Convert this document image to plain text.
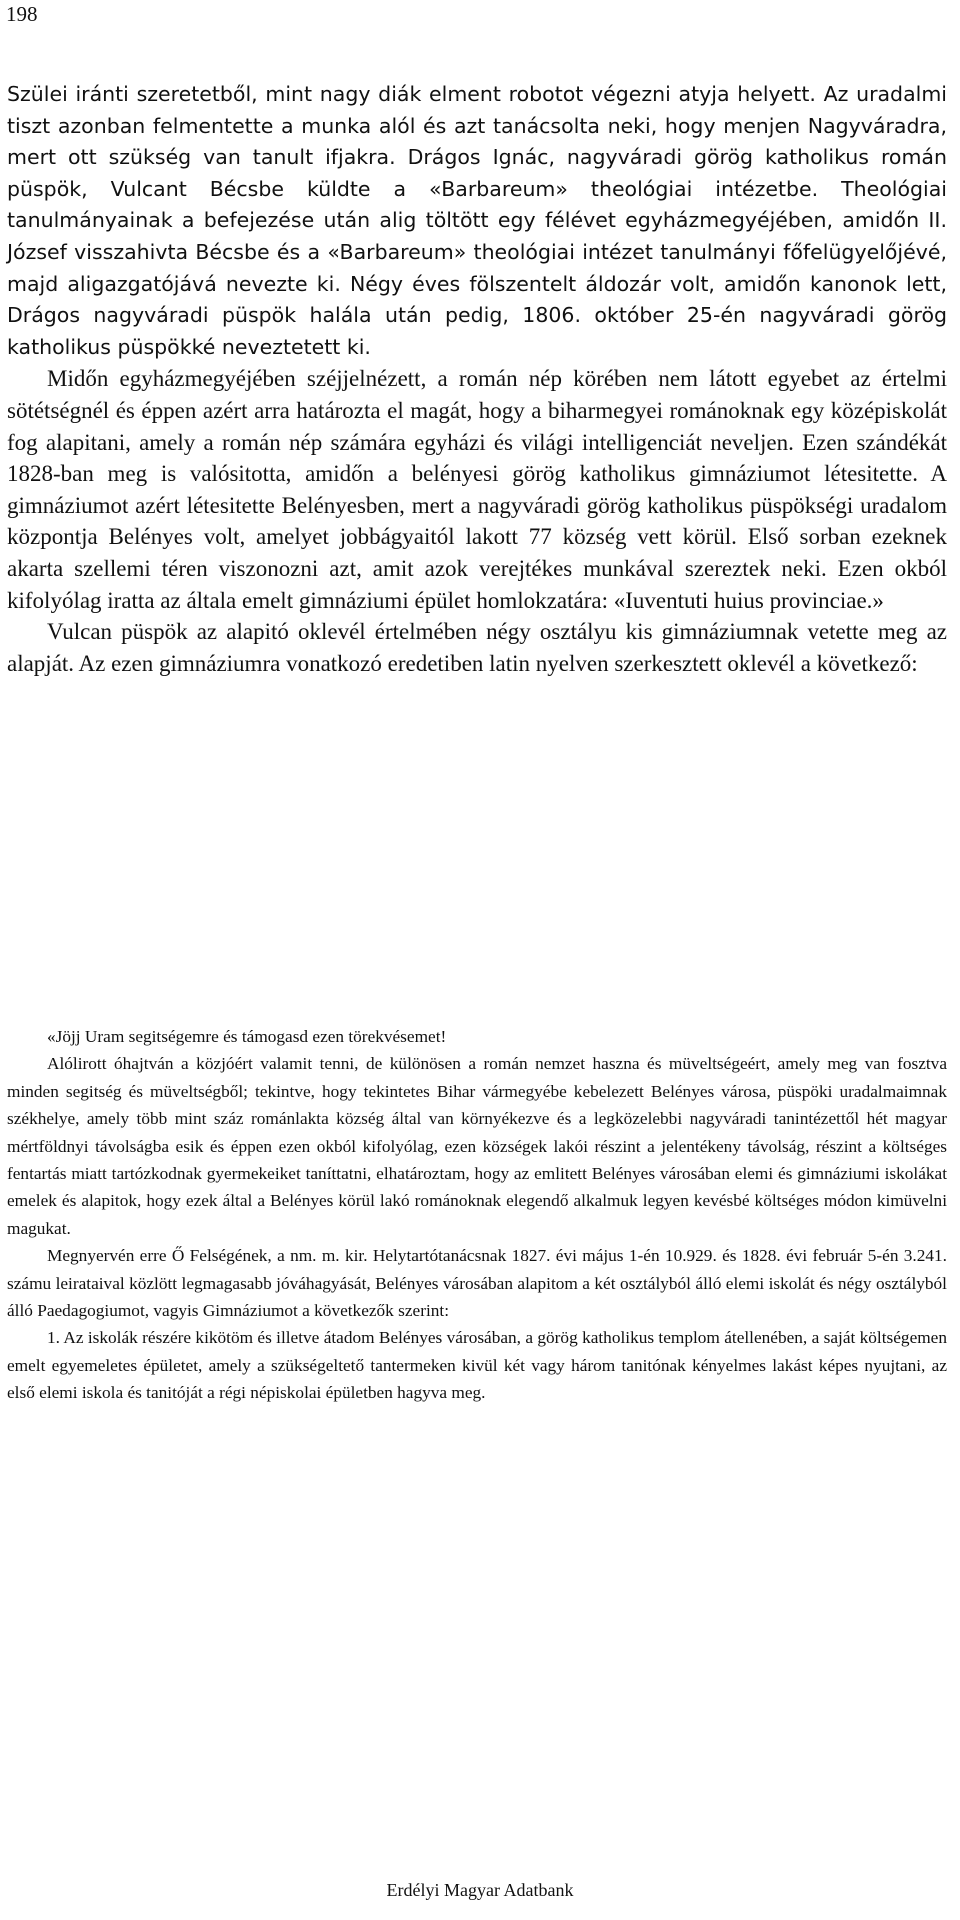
198

Szülei iránti szeretetből, mint nagy diák elment robotot végezni atyja helyett. Az uradalmi tiszt azonban felmentette a munka alól és azt tanácsolta neki, hogy menjen Nagyváradra, mert ott szükség van tanult ifjakra. Drágos Ignác, nagyváradi görög katholikus román püspök, Vulcant Bécsbe küldte a «Barbareum» theológiai intézetbe. Theológiai tanulmányainak a befejezése után alig töltött egy félévet egyházmegyéjében, amidőn II. József visszahivta Bécsbe és a «Barbareum» theológiai intézet tanulmányi főfelügyelőjévé, majd aligazgatójává nevezte ki. Négy éves fölszentelt áldozár volt, amidőn kanonok lett, Drágos nagyváradi püspök halála után pedig, 1806. október 25-én nagyváradi görög katholikus püspökké neveztetett ki.

Midőn egyházmegyéjében széjjelnézett, a román nép körében nem látott egyebet az értelmi sötétségnél és éppen azért arra határozta el magát, hogy a biharmegyei románoknak egy középiskolát fog alapitani, amely a román nép számára egyházi és világi intelligenciát neveljen. Ezen szándékát 1828-ban meg is valósitotta, amidőn a belényesi görög katholikus gimnáziumot létesitette. A gimnáziumot azért létesitette Belényesben, mert a nagyváradi görög katholikus püspökségi uradalom központja Belényes volt, amelyet jobbágyaitól lakott 77 község vett körül. Első sorban ezeknek akarta szellemi téren viszonozni azt, amit azok verejtékes munkával szereztek neki. Ezen okból kifolyólag iratta az általa emelt gimnáziumi épület homlokzatára: «Iuventuti huius provinciae.»

Vulcan püspök az alapitó oklevél értelmében négy osztályu kis gimnáziumnak vetette meg az alapját. Az ezen gimnáziumra vonatkozó eredetiben latin nyelven szerkesztett oklevél a következő:

«Jöjj Uram segitségemre és támogasd ezen törekvésemet!

Alólirott óhajtván a közjóért valamit tenni, de különösen a román nemzet haszna és müveltségeért, amely meg van fosztva minden segitség és müveltségből; tekintve, hogy tekintetes Bihar vármegyébe kebelezett Belényes városa, püspöki uradalmaimnak székhelye, amely több mint száz románlakta község által van környékezve és a legközelebbi nagyváradi tanintézettől hét magyar mértföldnyi távolságba esik és éppen ezen okból kifolyólag, ezen községek lakói részint a jelentékeny távolság, részint a költséges fentartás miatt tartózkodnak gyermekeiket taníttatni, elhatároztam, hogy az emlitett Belényes városában elemi és gimnáziumi iskolákat emelek és alapitok, hogy ezek által a Belényes körül lakó románoknak elegendő alkalmuk legyen kevésbé költséges módon kimüvelni magukat.

Megnyervén erre Ő Felségének, a nm. m. kir. Helytartótanácsnak 1827. évi május 1-én 10.929. és 1828. évi február 5-én 3.241. számu leirataival közlött legmagasabb jóváhagyását, Belényes városában alapitom a két osztályból álló elemi iskolát és négy osztályból álló Paedagogiumot, vagyis Gimnáziumot a következők szerint:

1. Az iskolák részére kikötöm és illetve átadom Belényes városában, a görög katholikus templom átellenében, a saját költségemen emelt egyemeletes épületet, amely a szükségeltető tantermeken kivül két vagy három tanitónak kényelmes lakást képes nyujtani, az első elemi iskola és tanitóját a régi népiskolai épületben hagyva meg.

Erdélyi Magyar Adatbank
